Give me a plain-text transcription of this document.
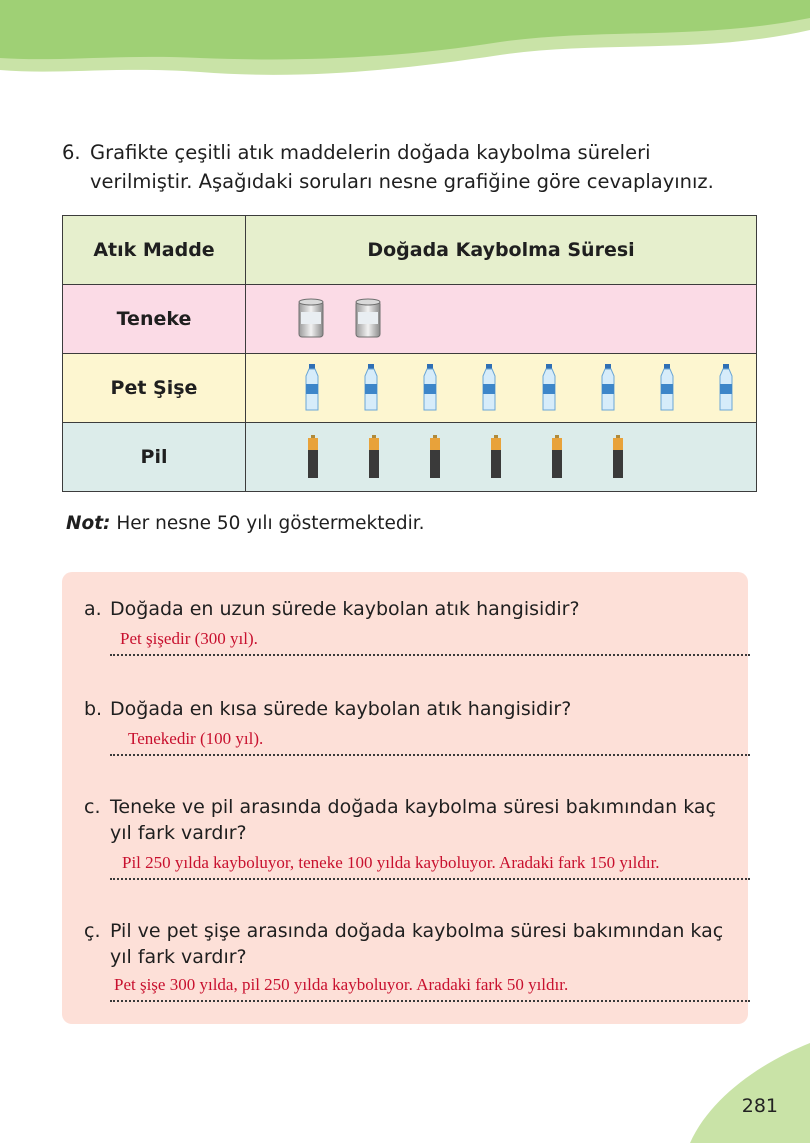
6. Grafikte çeşitli atık maddelerin doğada kaybolma süreleri verilmiştir. Aşağıdaki soruları nesne grafiğine göre cevaplayınız.
Atık Madde	Doğada Kaybolma Süresi
Teneke	

Pet Şişe	

Pil	
Not: Her nesne 50 yılı göstermektedir.
a. Doğada en uzun sürede kaybolan atık hangisidir?
Pet şişedir (300 yıl).
b. Doğada en kısa sürede kaybolan atık hangisidir?
Tenekedir (100 yıl).
c. Teneke ve pil arasında doğada kaybolma süresi bakımından kaç yıl fark vardır?
Pil 250 yılda kayboluyor, teneke 100 yılda kayboluyor. Aradaki fark 150 yıldır.
ç. Pil ve pet şişe arasında doğada kaybolma süresi bakımından kaç yıl fark vardır?
Pet şişe 300 yılda, pil 250 yılda kayboluyor. Aradaki fark 50 yıldır.
281
